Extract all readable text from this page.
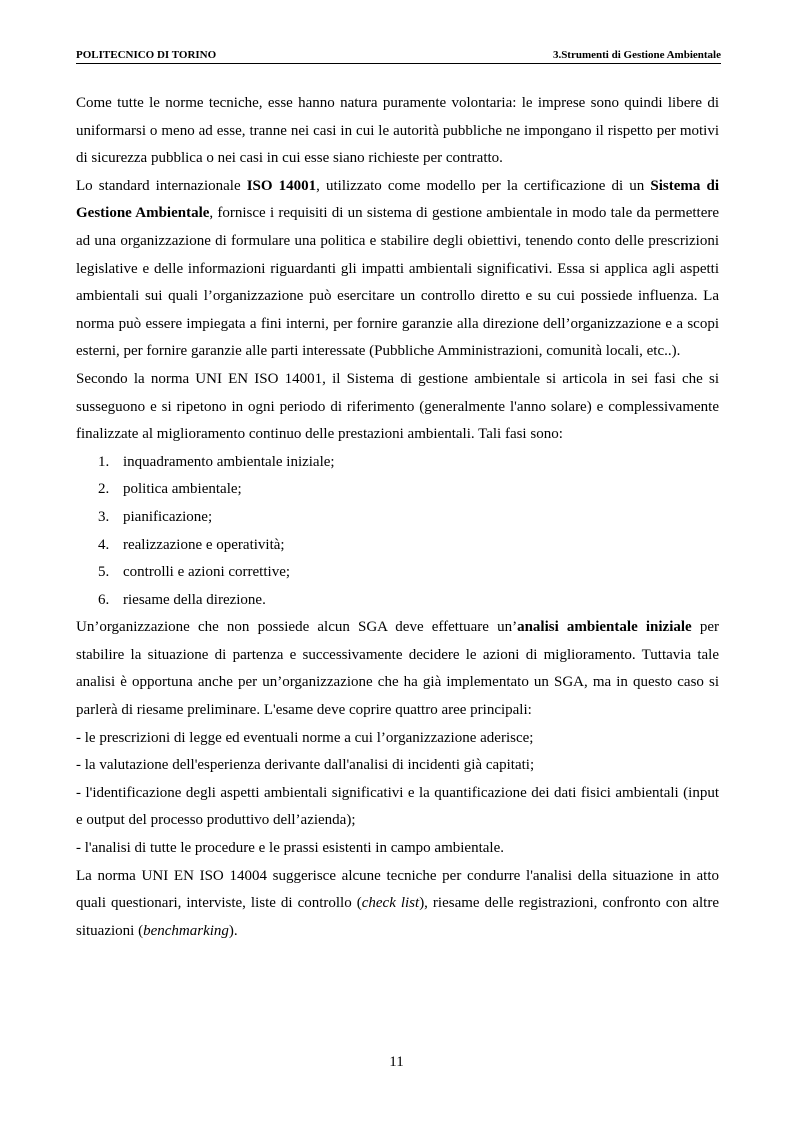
POLITECNICO DI TORINO	3.Strumenti di Gestione Ambientale

Come tutte le norme tecniche, esse hanno natura puramente volontaria: le imprese sono quindi libere di uniformarsi o meno ad esse, tranne nei casi in cui le autorità pubbliche ne impongano il rispetto per motivi di sicurezza pubblica o nei casi in cui esse siano richieste per contratto.

Lo standard internazionale ISO 14001, utilizzato come modello per la certificazione di un Sistema di Gestione Ambientale, fornisce i requisiti di un sistema di gestione ambientale in modo tale da permettere ad una organizzazione di formulare una politica e stabilire degli obiettivi, tenendo conto delle prescrizioni legislative e delle informazioni riguardanti gli impatti ambientali significativi. Essa si applica agli aspetti ambientali sui quali l’organizzazione può esercitare un controllo diretto e su cui possiede influenza. La norma può essere impiegata a fini interni, per fornire garanzie alla direzione dell’organizzazione e a scopi esterni, per fornire garanzie alle parti interessate (Pubbliche Amministrazioni, comunità locali, etc..).

Secondo la norma UNI EN ISO 14001, il Sistema di gestione ambientale si articola in sei fasi che si susseguono e si ripetono in ogni periodo di riferimento (generalmente l'anno solare) e complessivamente finalizzate al miglioramento continuo delle prestazioni ambientali. Tali fasi sono:

1. inquadramento ambientale iniziale;
2. politica ambientale;
3. pianificazione;
4. realizzazione e operatività;
5. controlli e azioni correttive;
6. riesame della direzione.

Un’organizzazione che non possiede alcun SGA deve effettuare un’analisi ambientale iniziale per stabilire la situazione di partenza e successivamente decidere le azioni di miglioramento. Tuttavia tale analisi è opportuna anche per un’organizzazione che ha già implementato un SGA, ma in questo caso si parlerà di riesame preliminare. L'esame deve coprire quattro aree principali:

- le prescrizioni di legge ed eventuali norme a cui l’organizzazione aderisce;

- la valutazione dell'esperienza derivante dall'analisi di incidenti già capitati;

- l'identificazione degli aspetti ambientali significativi e la quantificazione dei dati fisici ambientali (input e output del processo produttivo dell’azienda);

- l'analisi di tutte le procedure e le prassi esistenti in campo ambientale.

La norma UNI EN ISO 14004 suggerisce alcune tecniche per condurre l'analisi della situazione in atto quali questionari, interviste, liste di controllo (check list), riesame delle registrazioni, confronto con altre situazioni (benchmarking).

11
